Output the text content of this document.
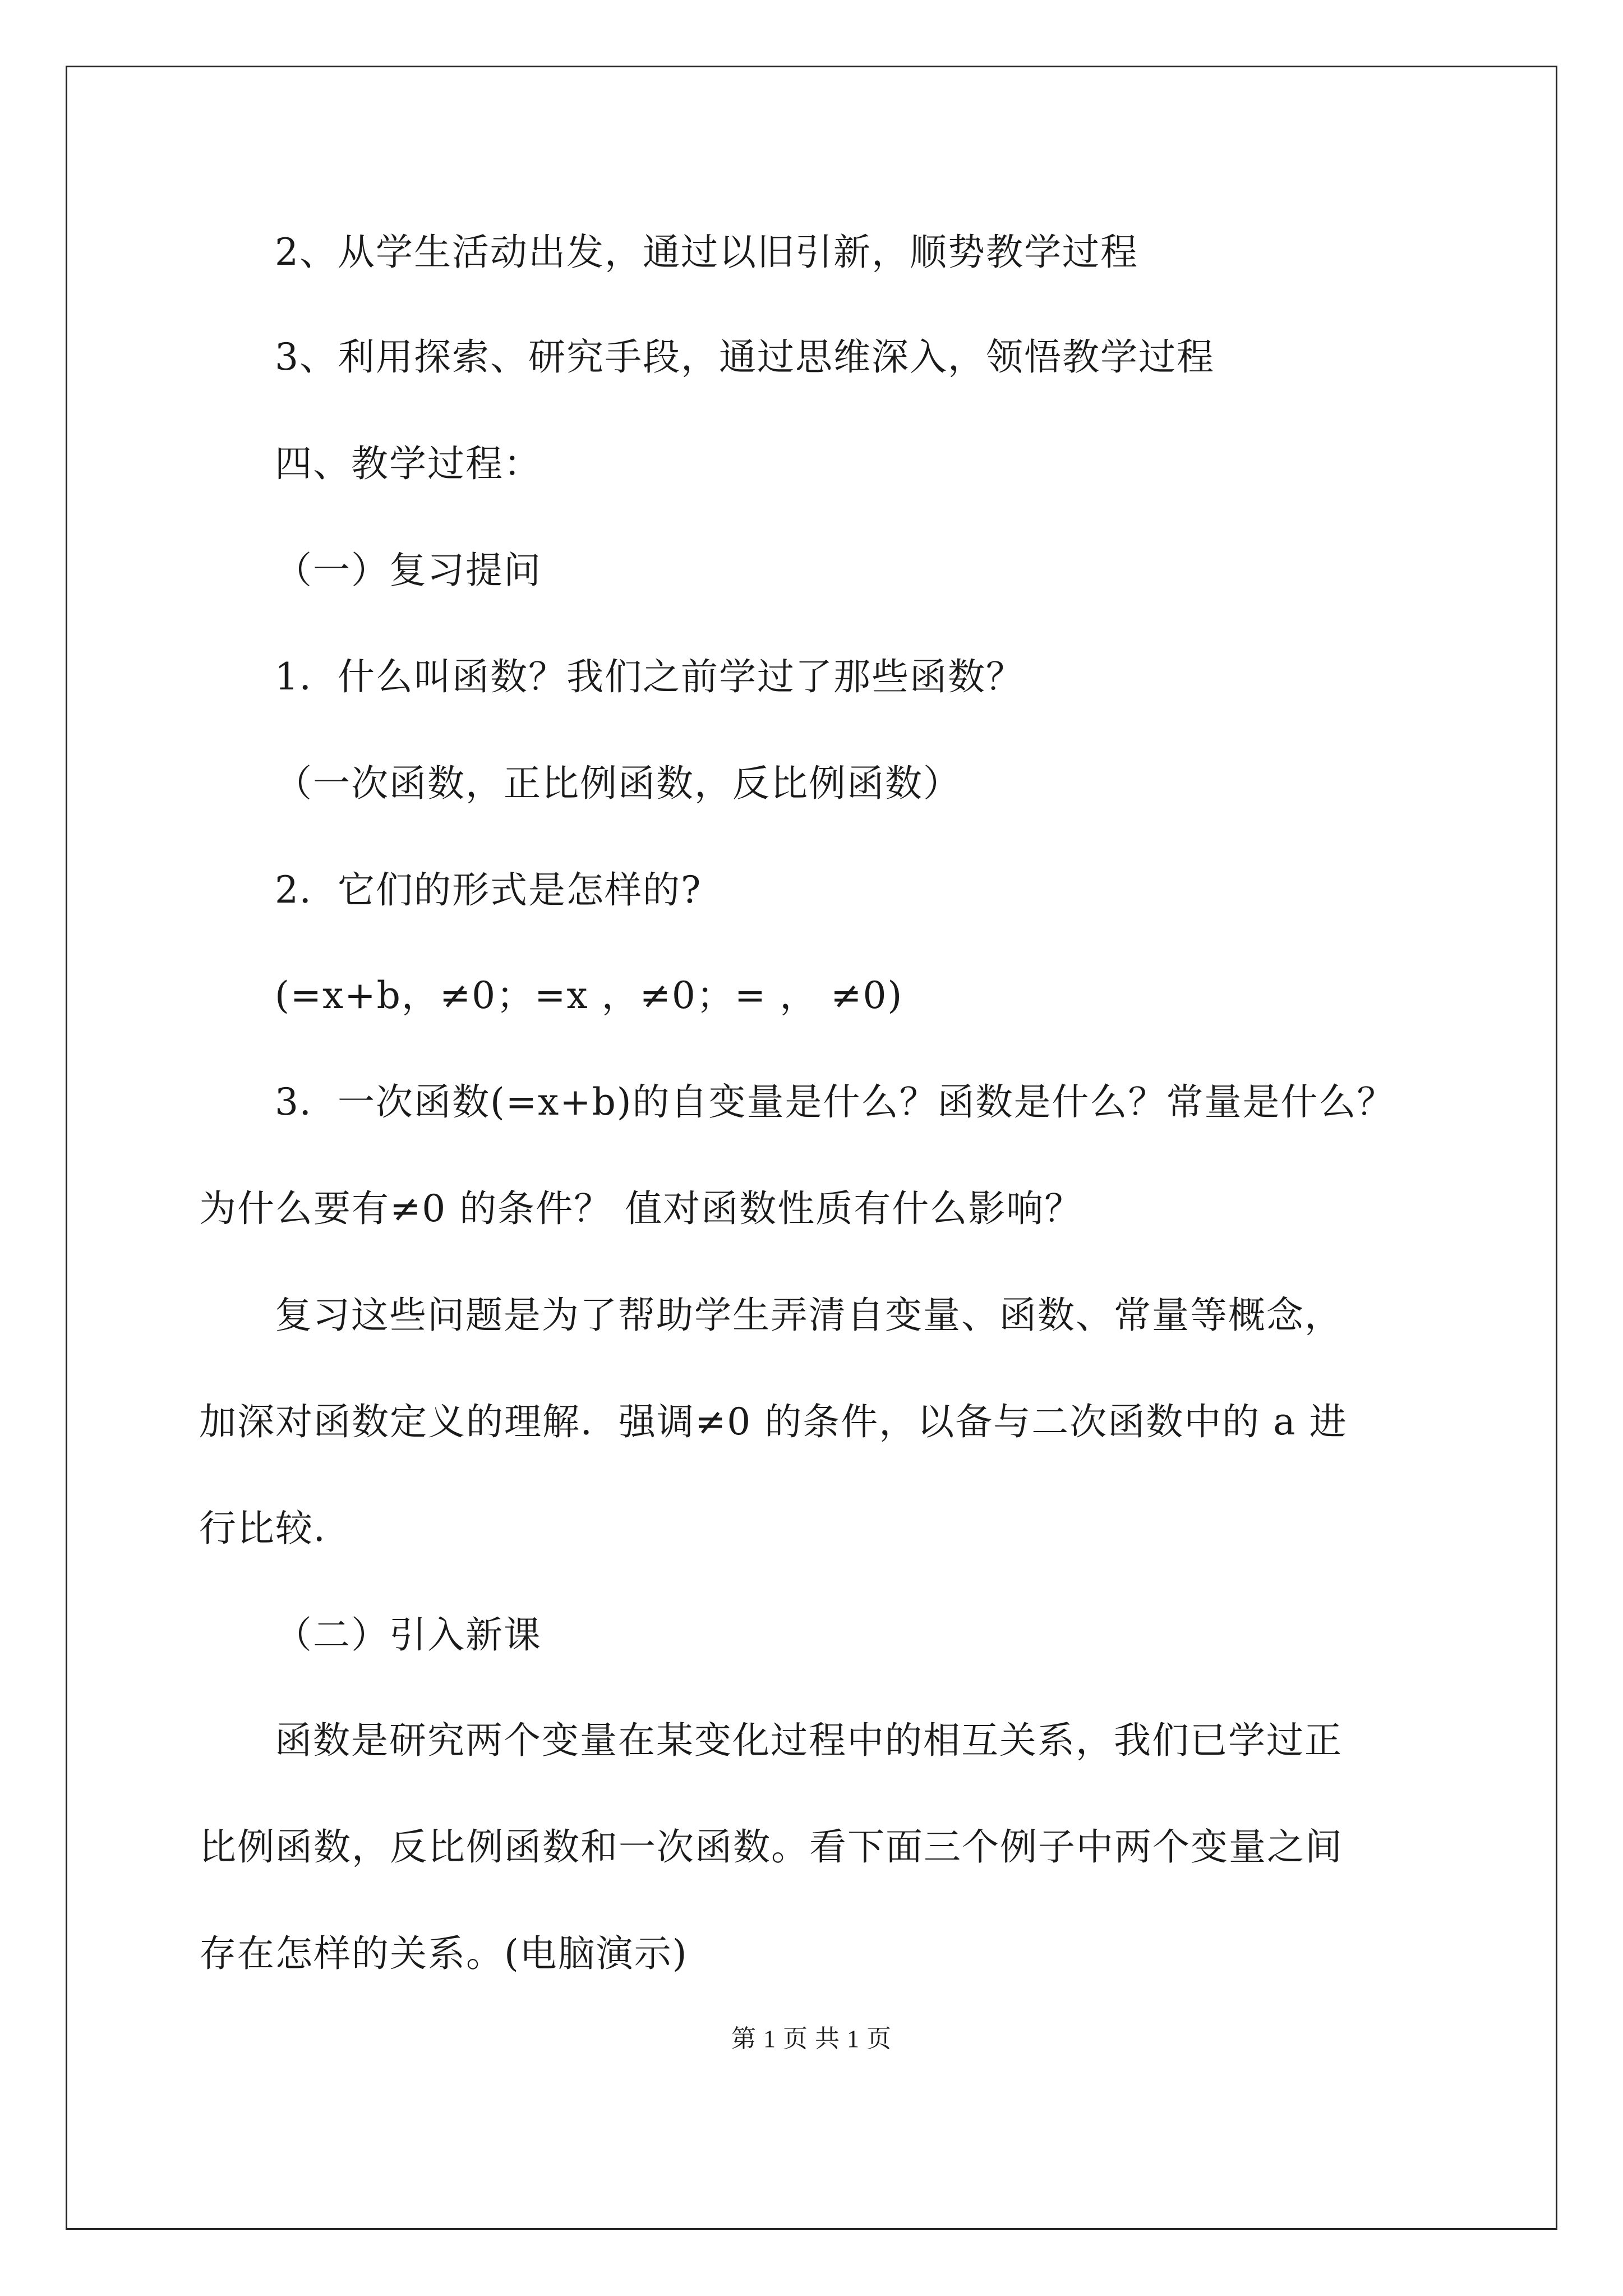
2、从学生活动出发，通过以旧引新，顺势教学过程
3、利用探索、研究手段，通过思维深入，领悟教学过程
四、教学过程：
（一）复习提问
1．什么叫函数？我们之前学过了那些函数？
（一次函数，正比例函数，反比例函数）
2．它们的形式是怎样的?
(=x+b，≠0；=x ，≠0；= ， ≠0)
3．一次函数(=x+b)的自变量是什么？函数是什么？常量是什么？
为什么要有≠0 的条件？ 值对函数性质有什么影响？
复习这些问题是为了帮助学生弄清自变量、函数、常量等概念，
加深对函数定义的理解．强调≠0 的条件，以备与二次函数中的 a 进
行比较．
（二）引入新课
函数是研究两个变量在某变化过程中的相互关系，我们已学过正
比例函数，反比例函数和一次函数。看下面三个例子中两个变量之间
存在怎样的关系。(电脑演示)
第 1 页 共 1 页
